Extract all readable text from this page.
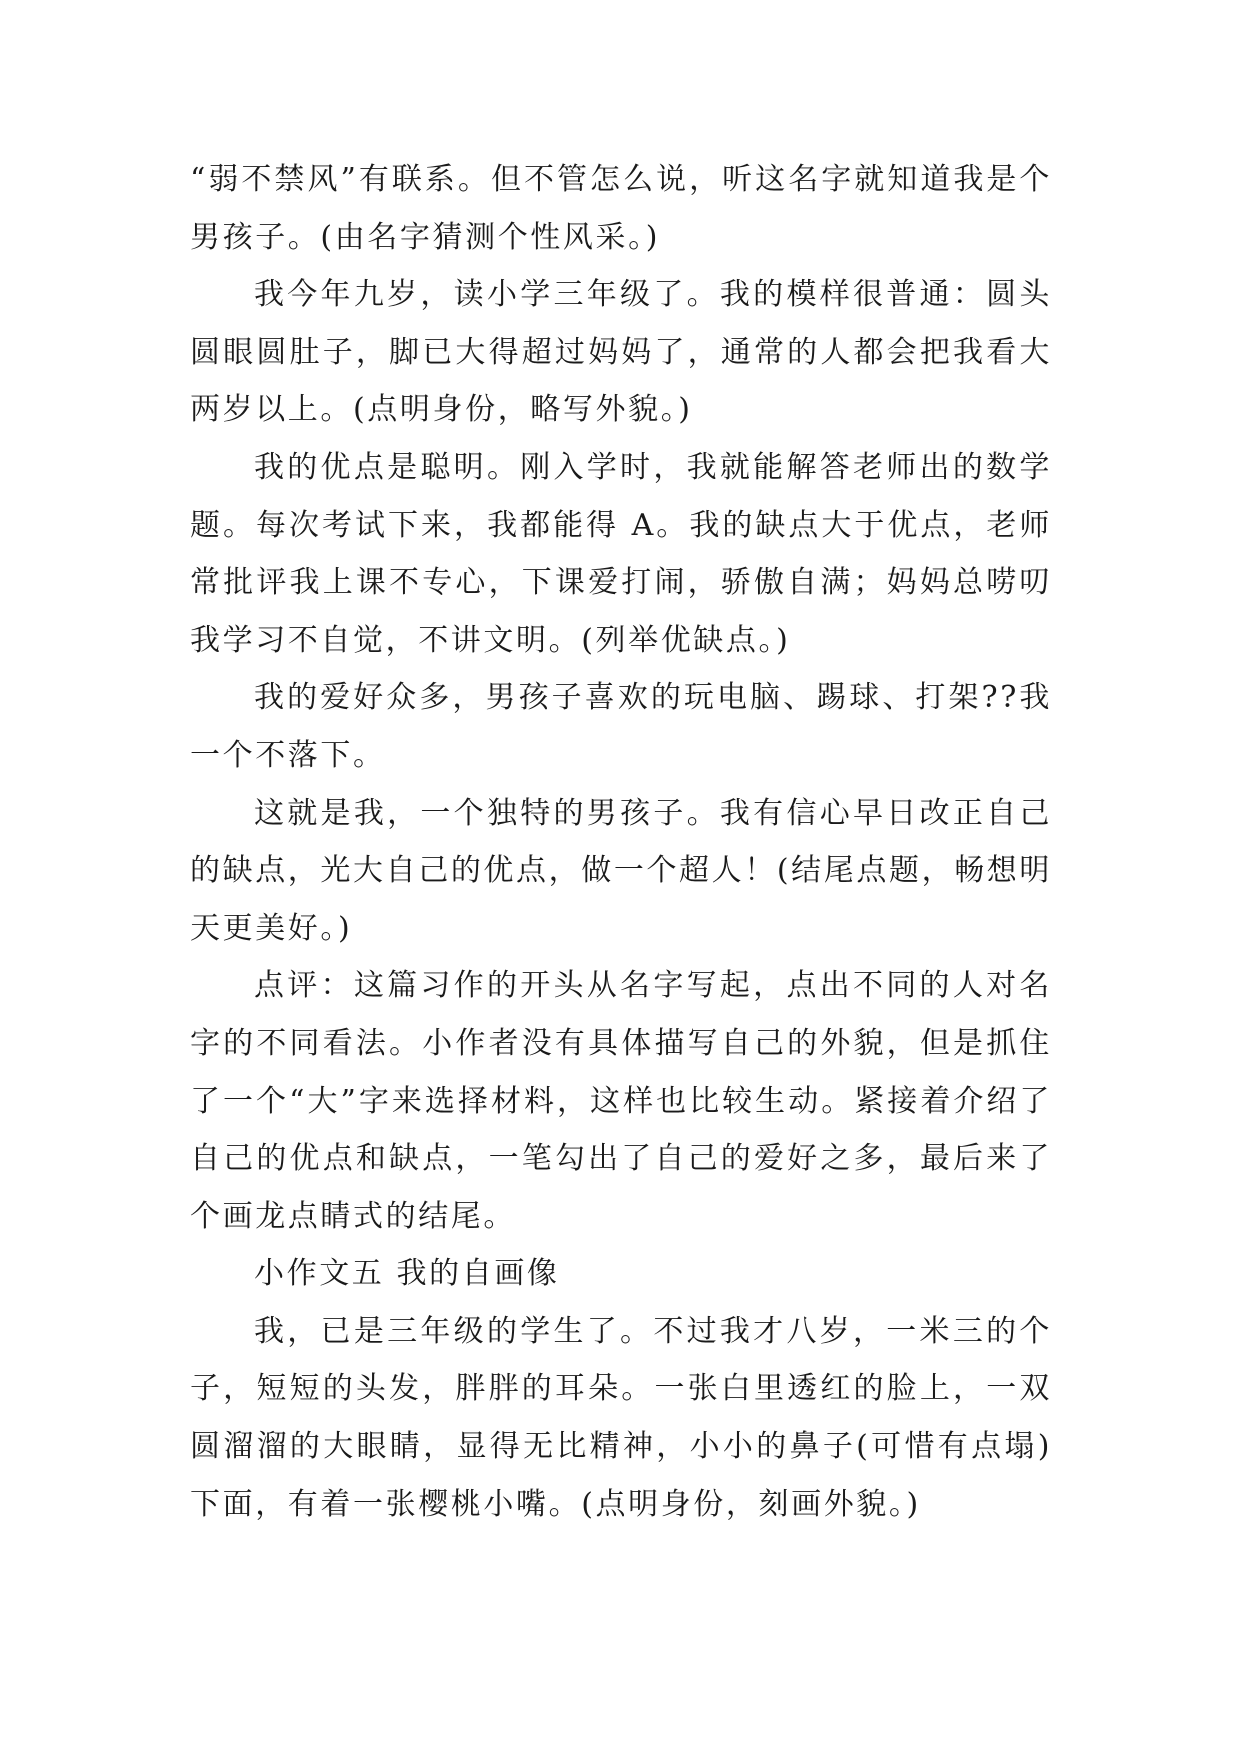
“弱不禁风”有联系。但不管怎么说，听这名字就知道我是个男孩子。(由名字猜测个性风采。)

我今年九岁，读小学三年级了。我的模样很普通：圆头圆眼圆肚子，脚已大得超过妈妈了，通常的人都会把我看大两岁以上。(点明身份，略写外貌。)

我的优点是聪明。刚入学时，我就能解答老师出的数学题。每次考试下来，我都能得 A。我的缺点大于优点，老师常批评我上课不专心，下课爱打闹，骄傲自满；妈妈总唠叨我学习不自觉，不讲文明。(列举优缺点。)

我的爱好众多，男孩子喜欢的玩电脑、踢球、打架??我一个不落下。

这就是我，一个独特的男孩子。我有信心早日改正自己的缺点，光大自己的优点，做一个超人！(结尾点题，畅想明天更美好。)

点评：这篇习作的开头从名字写起，点出不同的人对名字的不同看法。小作者没有具体描写自己的外貌，但是抓住了一个“大”字来选择材料，这样也比较生动。紧接着介绍了自己的优点和缺点，一笔勾出了自己的爱好之多，最后来了个画龙点睛式的结尾。

小作文五 我的自画像

我，已是三年级的学生了。不过我才八岁，一米三的个子，短短的头发，胖胖的耳朵。一张白里透红的脸上，一双圆溜溜的大眼睛，显得无比精神，小小的鼻子(可惜有点塌)下面，有着一张樱桃小嘴。(点明身份，刻画外貌。)
